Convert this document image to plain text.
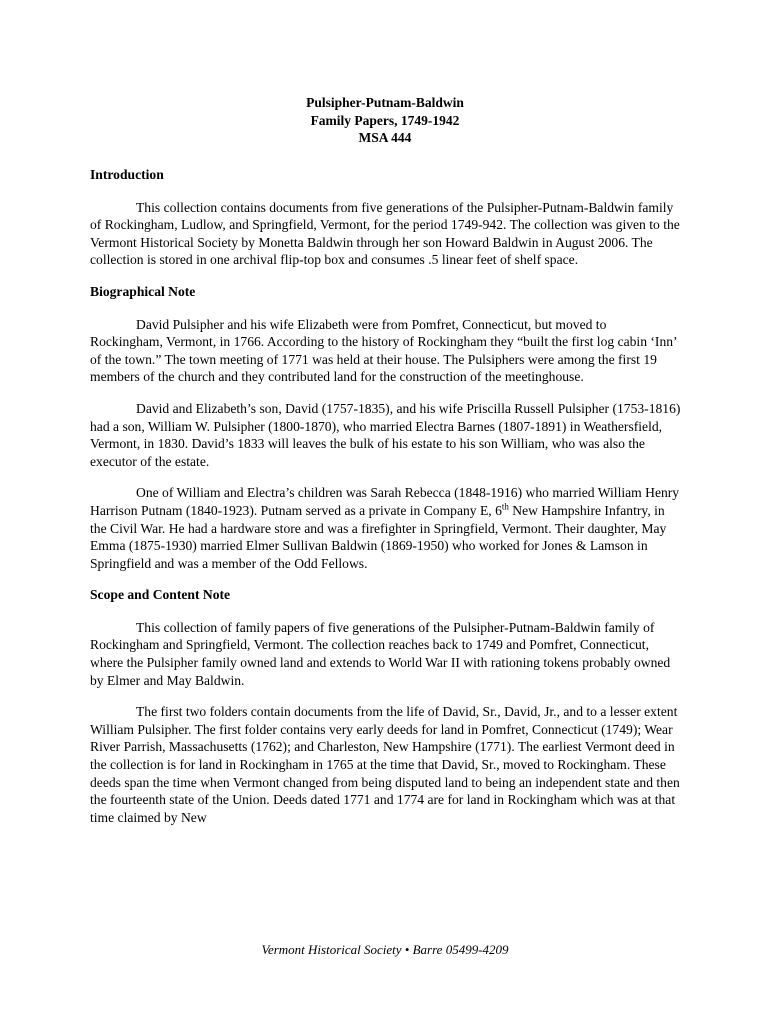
Pulsipher-Putnam-Baldwin
Family Papers, 1749-1942
MSA 444
Introduction

This collection contains documents from five generations of the Pulsipher-Putnam-Baldwin family of Rockingham, Ludlow, and Springfield, Vermont, for the period 1749-942. The collection was given to the Vermont Historical Society by Monetta Baldwin through her son Howard Baldwin in August 2006. The collection is stored in one archival flip-top box and consumes .5 linear feet of shelf space.

Biographical Note

David Pulsipher and his wife Elizabeth were from Pomfret, Connecticut, but moved to Rockingham, Vermont, in 1766. According to the history of Rockingham they “built the first log cabin ‘Inn’ of the town.” The town meeting of 1771 was held at their house. The Pulsiphers were among the first 19 members of the church and they contributed land for the construction of the meetinghouse.

David and Elizabeth’s son, David (1757-1835), and his wife Priscilla Russell Pulsipher (1753-1816) had a son, William W. Pulsipher (1800-1870), who married Electra Barnes (1807-1891) in Weathersfield, Vermont, in 1830. David’s 1833 will leaves the bulk of his estate to his son William, who was also the executor of the estate.

One of William and Electra’s children was Sarah Rebecca (1848-1916) who married William Henry Harrison Putnam (1840-1923). Putnam served as a private in Company E, 6th New Hampshire Infantry, in the Civil War. He had a hardware store and was a firefighter in Springfield, Vermont. Their daughter, May Emma (1875-1930) married Elmer Sullivan Baldwin (1869-1950) who worked for Jones & Lamson in Springfield and was a member of the Odd Fellows.

Scope and Content Note

This collection of family papers of five generations of the Pulsipher-Putnam-Baldwin family of Rockingham and Springfield, Vermont. The collection reaches back to 1749 and Pomfret, Connecticut, where the Pulsipher family owned land and extends to World War II with rationing tokens probably owned by Elmer and May Baldwin.

The first two folders contain documents from the life of David, Sr., David, Jr., and to a lesser extent William Pulsipher. The first folder contains very early deeds for land in Pomfret, Connecticut (1749); Wear River Parrish, Massachusetts (1762); and Charleston, New Hampshire (1771). The earliest Vermont deed in the collection is for land in Rockingham in 1765 at the time that David, Sr., moved to Rockingham. These deeds span the time when Vermont changed from being disputed land to being an independent state and then the fourteenth state of the Union. Deeds dated 1771 and 1774 are for land in Rockingham which was at that time claimed by New

Vermont Historical Society • Barre 05499-4209
